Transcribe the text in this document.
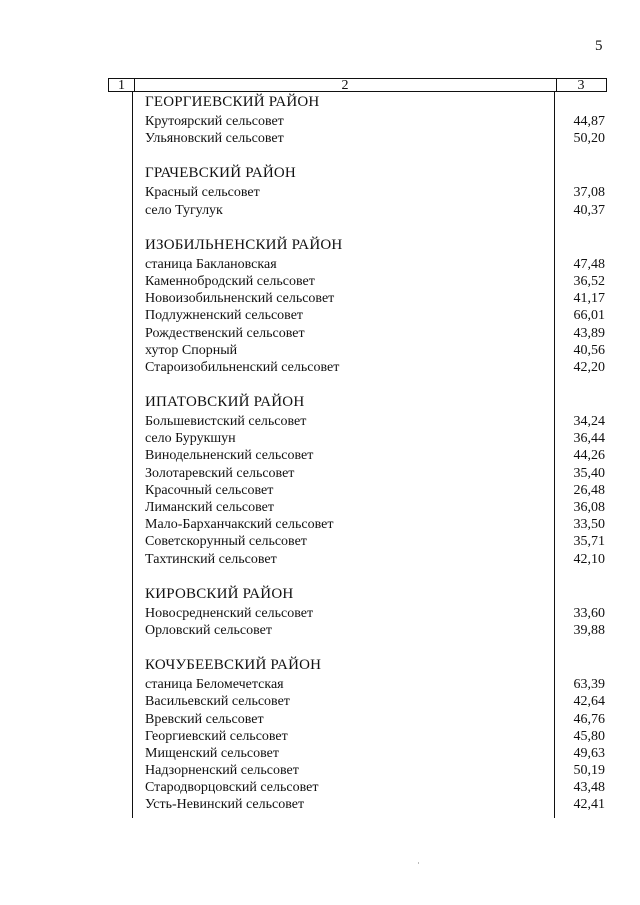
5
1	2	3
ГЕОРГИЕВСКИЙ РАЙОН
Крутоярский сельсовет	44,87
Ульяновский сельсовет	50,20
ГРАЧЕВСКИЙ РАЙОН
Красный сельсовет	37,08
село Тугулук	40,37
ИЗОБИЛЬНЕНСКИЙ РАЙОН
станица Баклановская	47,48
Каменнобродский сельсовет	36,52
Новоизобильненский сельсовет	41,17
Подлужненский сельсовет	66,01
Рождественский сельсовет	43,89
хутор Спорный	40,56
Староизобильненский сельсовет	42,20
ИПАТОВСКИЙ РАЙОН
Большевистский сельсовет	34,24
село Бурукшун	36,44
Винодельненский сельсовет	44,26
Золотаревский сельсовет	35,40
Красочный сельсовет	26,48
Лиманский сельсовет	36,08
Мало-Барханчакский сельсовет	33,50
Советскорунный сельсовет	35,71
Тахтинский сельсовет	42,10
КИРОВСКИЙ РАЙОН
Новосредненский сельсовет	33,60
Орловский сельсовет	39,88
КОЧУБЕЕВСКИЙ РАЙОН
станица Беломечетская	63,39
Васильевский сельсовет	42,64
Вревский сельсовет	46,76
Георгиевский сельсовет	45,80
Мищенский сельсовет	49,63
Надзорненский сельсовет	50,19
Стародворцовский сельсовет	43,48
Усть-Невинский сельсовет	42,41
